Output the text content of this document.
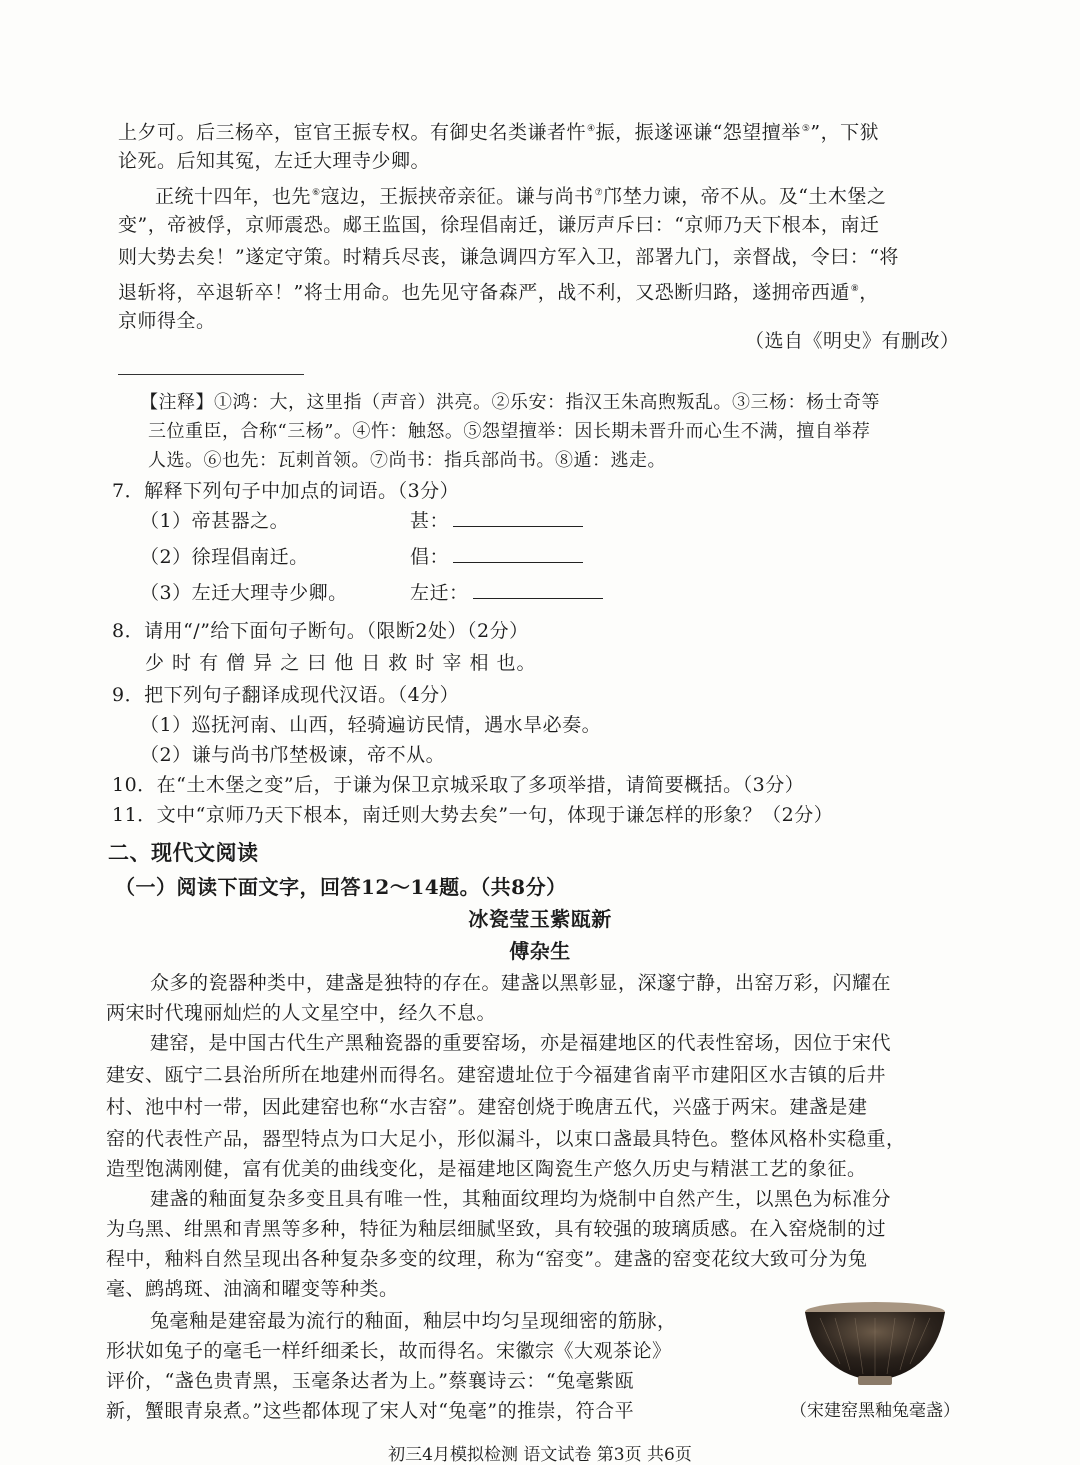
上夕可。后三杨卒，宦官王振专权。有御史名类谦者忤④振，振遂诬谦“怨望擅举⑤”，下狱
论死。后知其冤，左迁大理寺少卿。
正统十四年，也先⑥寇边，王振挟帝亲征。谦与尚书⑦邝埜力谏，帝不从。及“土木堡之
变”，帝被俘，京师震恐。郕王监国，徐珵倡南迁，谦厉声斥曰：“京师乃天下根本，南迁
则大势去矣！”遂定守策。时精兵尽丧，谦急调四方军入卫，部署九门，亲督战，令曰：“将
退斩将，卒退斩卒！”将士用命。也先见守备森严，战不利，又恐断归路，遂拥帝西遁⑧，
京师得全。
（选自《明史》有删改）
【注释】①鸿：大，这里指（声音）洪亮。②乐安：指汉王朱高煦叛乱。③三杨：杨士奇等
三位重臣，合称“三杨”。④忤：触怒。⑤怨望擅举：因长期未晋升而心生不满，擅自举荐
人选。⑥也先：瓦剌首领。⑦尚书：指兵部尚书。⑧遁：逃走。
7．解释下列句子中加点的词语。（3分）
（1）帝甚器之。	甚：
（2）徐珵倡南迁。	倡：
（3）左迁大理寺少卿。	左迁：
8．请用“/”给下面句子断句。（限断2处）（2分）
少 时 有 僧 异 之 曰 他 日 救 时 宰 相 也。
9．把下列句子翻译成现代汉语。（4分）
（1）巡抚河南、山西，轻骑遍访民情，遇水旱必奏。
（2）谦与尚书邝埜极谏，帝不从。
10．在“土木堡之变”后，于谦为保卫京城采取了多项举措，请简要概括。（3分）
11．文中“京师乃天下根本，南迁则大势去矣”一句，体现于谦怎样的形象？（2分）
二、现代文阅读
（一）阅读下面文字，回答12～14题。（共8分）
冰瓷莹玉紫瓯新
傅杂生
众多的瓷器种类中，建盏是独特的存在。建盏以黑彰显，深邃宁静，出窑万彩，闪耀在
两宋时代瑰丽灿烂的人文星空中，经久不息。
建窑，是中国古代生产黑釉瓷器的重要窑场，亦是福建地区的代表性窑场，因位于宋代
建安、瓯宁二县治所所在地建州而得名。建窑遗址位于今福建省南平市建阳区水吉镇的后井
村、池中村一带，因此建窑也称“水吉窑”。建窑创烧于晚唐五代，兴盛于两宋。建盏是建
窑的代表性产品，器型特点为口大足小，形似漏斗，以束口盏最具特色。整体风格朴实稳重，
造型饱满刚健，富有优美的曲线变化，是福建地区陶瓷生产悠久历史与精湛工艺的象征。
建盏的釉面复杂多变且具有唯一性，其釉面纹理均为烧制中自然产生，以黑色为标准分
为乌黑、绀黑和青黑等多种，特征为釉层细腻坚致，具有较强的玻璃质感。在入窑烧制的过
程中，釉料自然呈现出各种复杂多变的纹理，称为“窑变”。建盏的窑变花纹大致可分为兔
毫、鹧鸪斑、油滴和曜变等种类。
兔毫釉是建窑最为流行的釉面，釉层中均匀呈现细密的筋脉，
形状如兔子的毫毛一样纤细柔长，故而得名。宋徽宗《大观茶论》
评价，“盏色贵青黑，玉毫条达者为上。”蔡襄诗云：“兔毫紫瓯
新，蟹眼青泉煮。”这些都体现了宋人对“兔毫”的推崇，符合平	（宋建窑黑釉兔毫盏）
初三4月模拟检测 语文试卷 第3页 共6页
